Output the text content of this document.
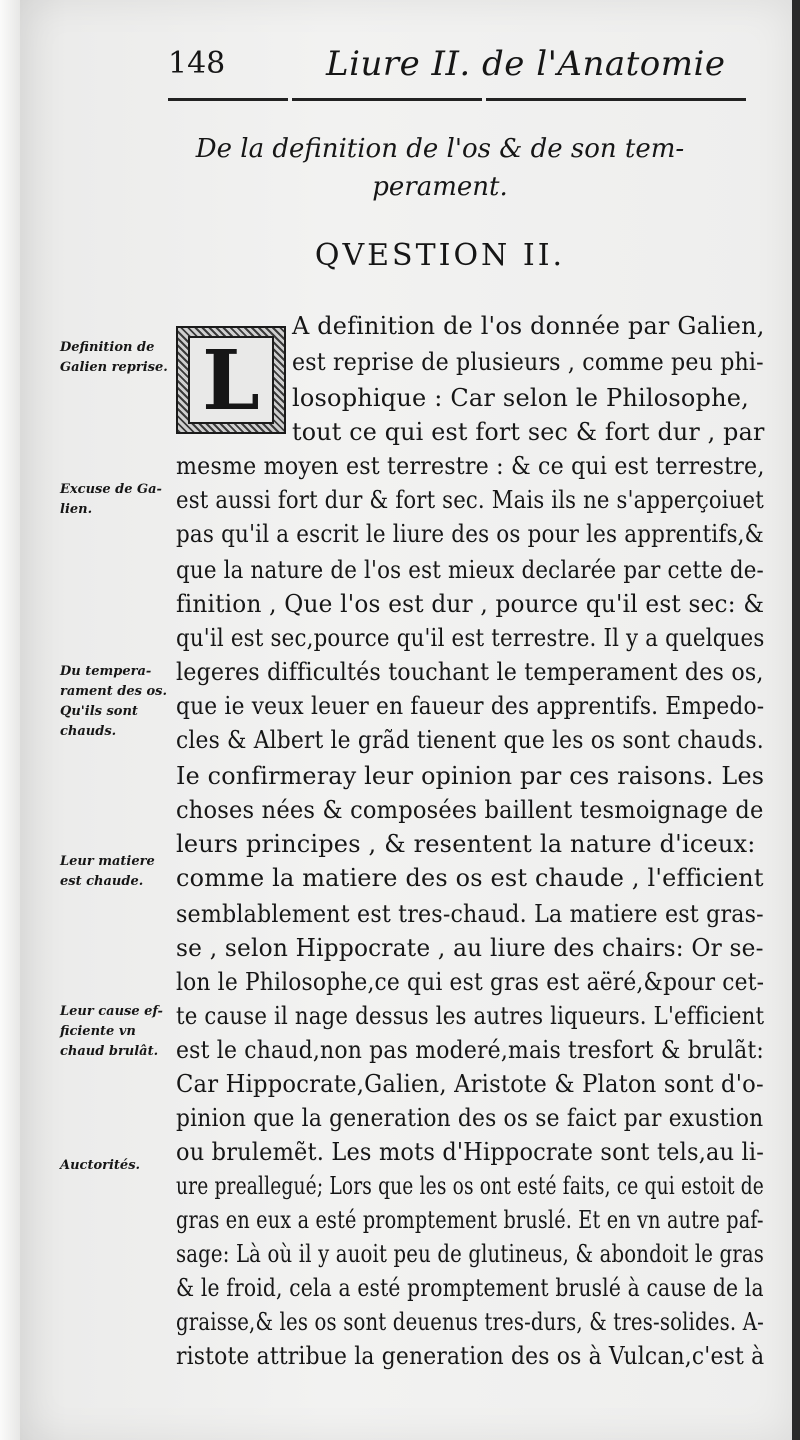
148	Liure II. de l'Anatomie
De la definition de l'os & de son tem-
perament.
QVESTION II.
L
A definition de l'os donnée par Galien,
est reprise de plusieurs , comme peu phi-
losophique : Car selon le Philosophe,
tout ce qui est fort sec & fort dur , par
mesme moyen est terrestre : & ce qui est terrestre,
est aussi fort dur & fort sec. Mais ils ne s'apperçoiuet
pas qu'il a escrit le liure des os pour les apprentifs,&
que la nature de l'os est mieux declarée par cette de-
finition , Que l'os est dur , pource qu'il est sec: &
qu'il est sec,pource qu'il est terrestre. Il y a quelques
legeres difficultés touchant le temperament des os,
que ie veux leuer en faueur des apprentifs. Empedo-
cles & Albert le grãd tienent que les os sont chauds.
Ie confirmeray leur opinion par ces raisons. Les
choses nées & composées baillent tesmoignage de
leurs principes , & resentent la nature d'iceux:
comme la matiere des os est chaude , l'efficient
semblablement est tres-chaud. La matiere est gras-
se , selon Hippocrate , au liure des chairs: Or se-
lon le Philosophe,ce qui est gras est aëré,&pour cet-
te cause il nage dessus les autres liqueurs. L'efficient
est le chaud,non pas moderé,mais tresfort & brulãt:
Car Hippocrate,Galien, Aristote & Platon sont d'o-
pinion que la generation des os se faict par exustion
ou brulemẽt. Les mots d'Hippocrate sont tels,au li-
ure preallegué; Lors que les os ont esté faits, ce qui estoit de
gras en eux a esté promptement bruslé. Et en vn autre paf-
sage: Là où il y auoit peu de glutineus, & abondoit le gras
& le froid, cela a esté promptement bruslé à cause de la
graisse,& les os sont deuenus tres-durs, & tres-solides. A-
ristote attribue la generation des os à Vulcan,c'est à
Definition de
Galien reprise.
Excuse de Ga-
lien.
Du tempera-
rament des os.
Qu'ils sont
chauds.
Leur matiere
est chaude.
Leur cause ef-
ficiente vn
chaud brulât.
Auctorités.
